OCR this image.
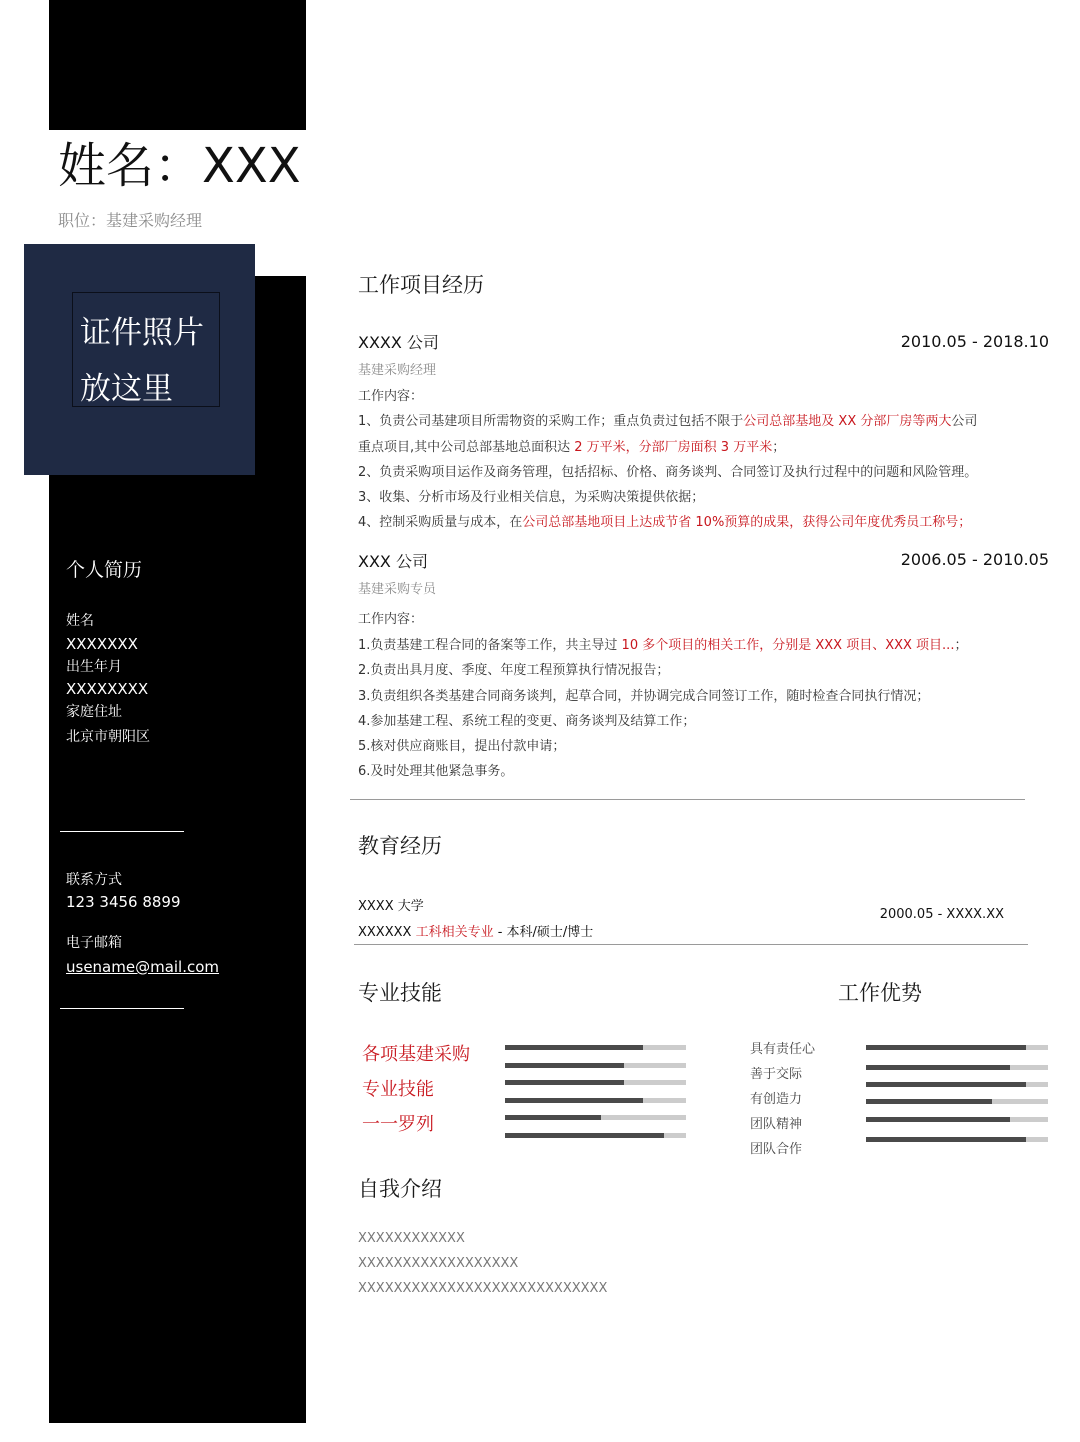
姓名：XXX
职位：基建采购经理
证件照片
放这里
个人简历
姓名
XXXXXXX
出生年月
XXXXXXXX
家庭住址
北京市朝阳区
联系方式
123 3456 8899
电子邮箱
usename@mail.com
工作项目经历
XXXX 公司	2010.05 - 2018.10
基建采购经理
工作内容：
1、负责公司基建项目所需物资的采购工作；重点负责过包括不限于公司总部基地及 XX 分部厂房等两大公司
重点项目,其中公司总部基地总面积达 2 万平米，分部厂房面积 3 万平米；
2、负责采购项目运作及商务管理，包括招标、价格、商务谈判、合同签订及执行过程中的问题和风险管理。
3、收集、分析市场及行业相关信息，为采购决策提供依据；
4、控制采购质量与成本，在公司总部基地项目上达成节省 10%预算的成果，获得公司年度优秀员工称号；
XXX 公司	2006.05 - 2010.05
基建采购专员
工作内容：
1.负责基建工程合同的备案等工作，共主导过 10 多个项目的相关工作，分别是 XXX 项目、XXX 项目...；
2.负责出具月度、季度、年度工程预算执行情况报告；
3.负责组织各类基建合同商务谈判，起草合同，并协调完成合同签订工作，随时检查合同执行情况；
4.参加基建工程、系统工程的变更、商务谈判及结算工作；
5.核对供应商账目，提出付款申请；
6.及时处理其他紧急事务。
教育经历
XXXX 大学
XXXXXX 工科相关专业 - 本科/硕士/博士
2000.05 - XXXX.XX
专业技能
各项基建采购
专业技能
一一罗列
工作优势
具有责任心
善于交际
有创造力
团队精神
团队合作
自我介绍
XXXXXXXXXXXX
XXXXXXXXXXXXXXXXXX
XXXXXXXXXXXXXXXXXXXXXXXXXXXX
